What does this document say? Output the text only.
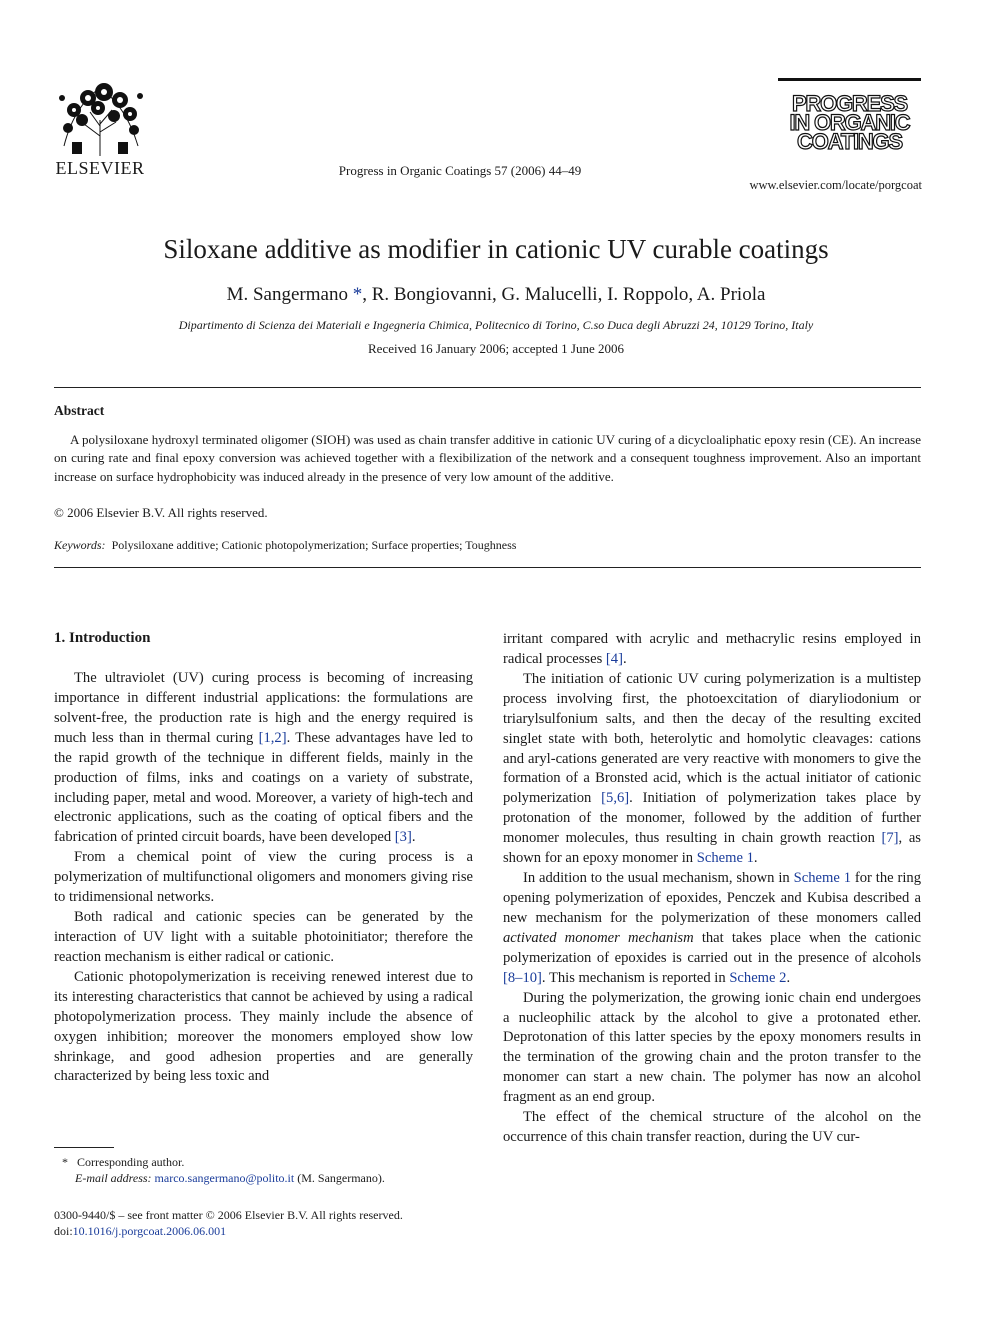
ELSEVIER	Progress in Organic Coatings 57 (2006) 44–49
PROGRESS
IN ORGANIC
COATINGS
www.elsevier.com/locate/porgcoat
Siloxane additive as modifier in cationic UV curable coatings
M. Sangermano *, R. Bongiovanni, G. Malucelli, I. Roppolo, A. Priola
Dipartimento di Scienza dei Materiali e Ingegneria Chimica, Politecnico di Torino, C.so Duca degli Abruzzi 24, 10129 Torino, Italy
Received 16 January 2006; accepted 1 June 2006
Abstract

A polysiloxane hydroxyl terminated oligomer (SIOH) was used as chain transfer additive in cationic UV curing of a dicycloaliphatic epoxy resin (CE). An increase on curing rate and final epoxy conversion was achieved together with a flexibilization of the network and a consequent toughness improvement. Also an important increase on surface hydrophobicity was induced already in the presence of very low amount of the additive.

© 2006 Elsevier B.V. All rights reserved.
Keywords: Polysiloxane additive; Cationic photopolymerization; Surface properties; Toughness
1. Introduction

The ultraviolet (UV) curing process is becoming of increasing importance in different industrial applications: the formulations are solvent-free, the production rate is high and the energy required is much less than in thermal curing [1,2]. These advantages have led to the rapid growth of the technique in different fields, mainly in the production of films, inks and coatings on a variety of substrate, including paper, metal and wood. Moreover, a variety of high-tech and electronic applications, such as the coating of optical fibers and the fabrication of printed circuit boards, have been developed [3].

From a chemical point of view the curing process is a polymerization of multifunctional oligomers and monomers giving rise to tridimensional networks.

Both radical and cationic species can be generated by the interaction of UV light with a suitable photoinitiator; therefore the reaction mechanism is either radical or cationic.

Cationic photopolymerization is receiving renewed interest due to its interesting characteristics that cannot be achieved by using a radical photopolymerization process. They mainly include the absence of oxygen inhibition; moreover the monomers employed show low shrinkage, and good adhesion properties and are generally characterized by being less toxic and

irritant compared with acrylic and methacrylic resins employed in radical processes [4].

The initiation of cationic UV curing polymerization is a multistep process involving first, the photoexcitation of diaryliodonium or triarylsulfonium salts, and then the decay of the resulting excited singlet state with both, heterolytic and homolytic cleavages: cations and aryl-cations generated are very reactive with monomers to give the formation of a Bronsted acid, which is the actual initiator of cationic polymerization [5,6]. Initiation of polymerization takes place by protonation of the monomer, followed by the addition of further monomer molecules, thus resulting in chain growth reaction [7], as shown for an epoxy monomer in Scheme 1.

In addition to the usual mechanism, shown in Scheme 1 for the ring opening polymerization of epoxides, Penczek and Kubisa described a new mechanism for the polymerization of these monomers called activated monomer mechanism that takes place when the cationic polymerization of epoxides is carried out in the presence of alcohols [8–10]. This mechanism is reported in Scheme 2.

During the polymerization, the growing ionic chain end undergoes a nucleophilic attack by the alcohol to give a protonated ether. Deprotonation of this latter species by the epoxy monomers results in the termination of the growing chain and the proton transfer to the monomer can start a new chain. The polymer has now an alcohol fragment as an end group.

The effect of the chemical structure of the alcohol on the occurrence of this chain transfer reaction, during the UV cur-

* Corresponding author.
E-mail address: marco.sangermano@polito.it (M. Sangermano).
0300-9440/$ – see front matter © 2006 Elsevier B.V. All rights reserved.
doi:10.1016/j.porgcoat.2006.06.001
